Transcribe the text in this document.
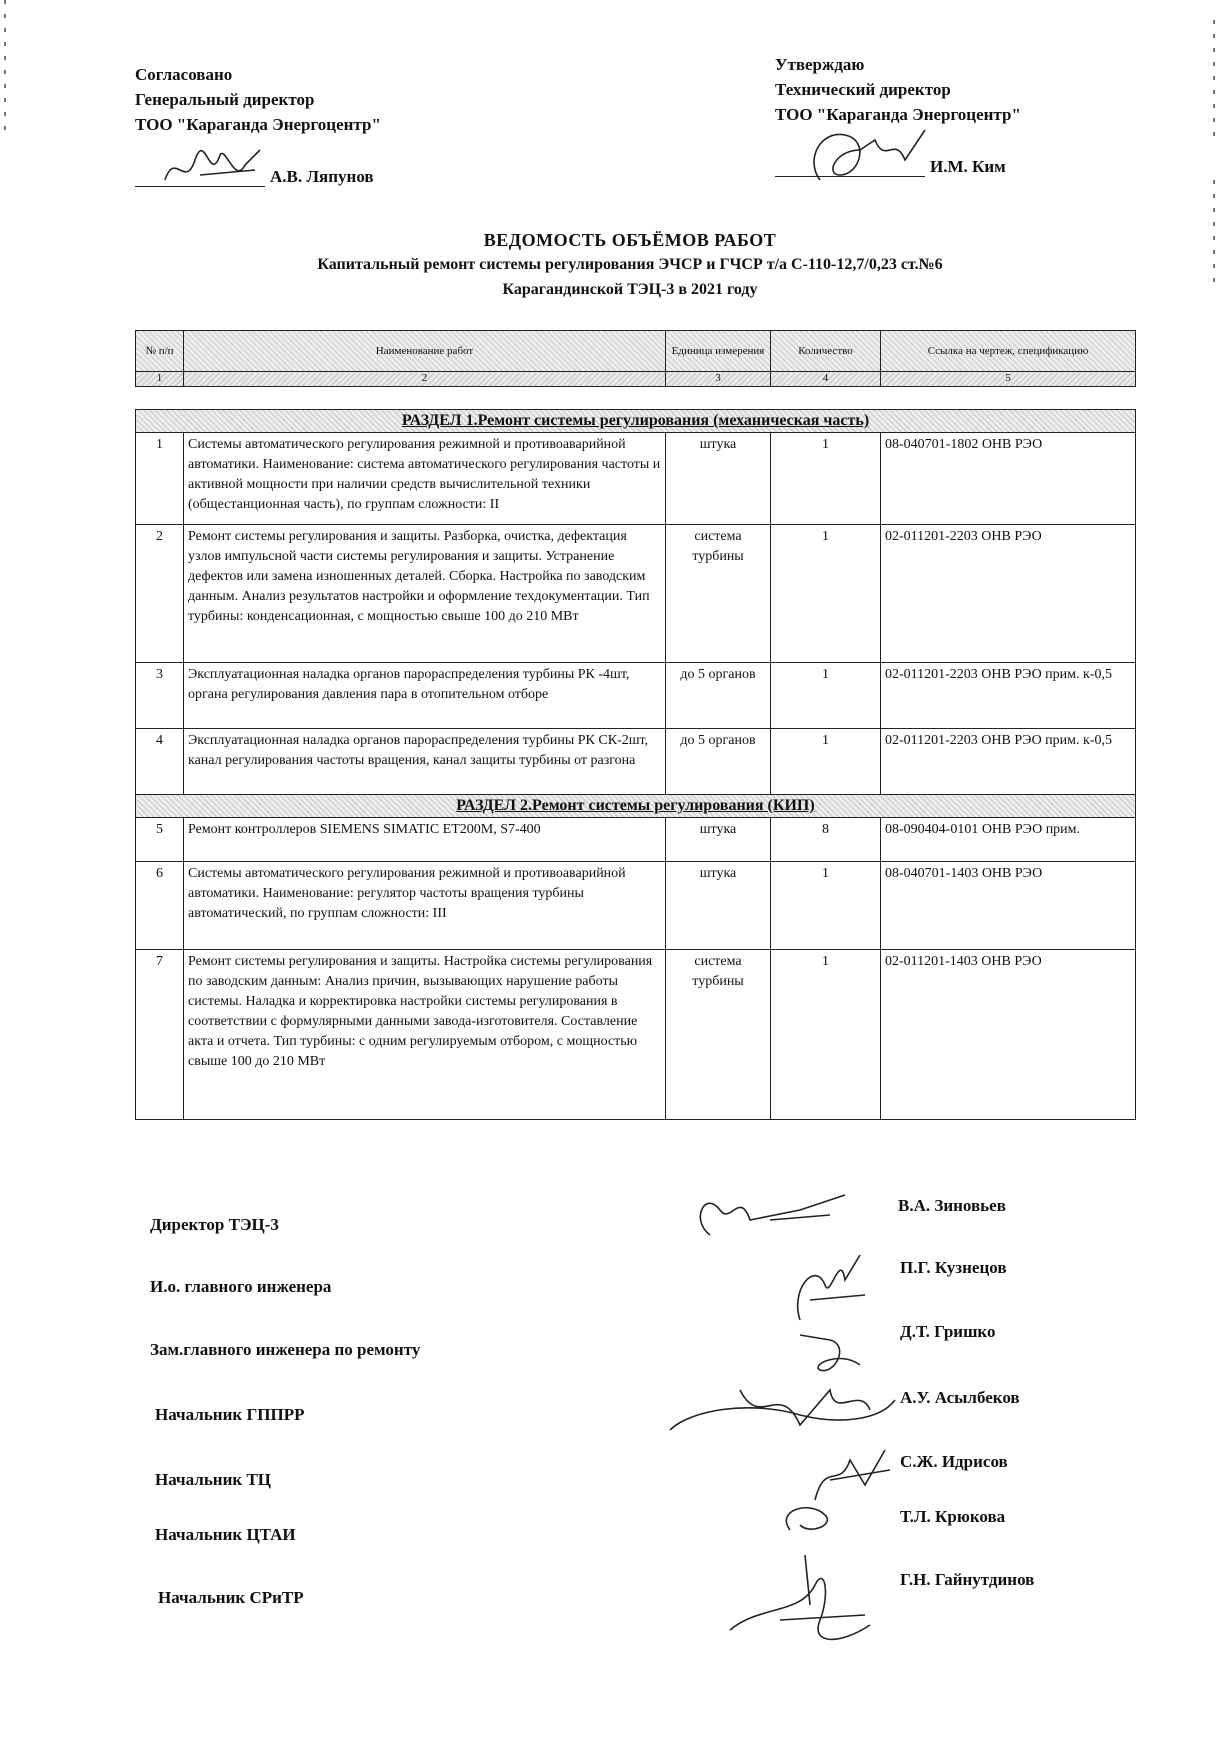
Согласовано
Генеральный директор
ТОО "Караганда Энергоцентр"
А.В. Ляпунов
Утверждаю
Технический директор
ТОО "Караганда Энергоцентр"
И.М. Ким
ВЕДОМОСТЬ ОБЪЁМОВ РАБОТ
Капитальный ремонт системы регулирования ЭЧСР и ГЧСР т/а С-110-12,7/0,23 ст.№6
Карагандинской ТЭЦ-3 в 2021 году
№ п/п	Наименование работ	Единица измерения	Количество	Ссылка на чертеж, спецификацию
1	2	3	4	5

РАЗДЕЛ 1.Ремонт системы регулирования (механическая часть)				
1	Системы автоматического регулирования режимной и противоаварийной автоматики. Наименование: система автоматического регулирования частоты и активной мощности при наличии средств вычислительной техники (общестанционная часть), по группам сложности: II	штука	1	08-040701-1802 ОНВ РЭО
2	Ремонт системы регулирования и защиты. Разборка, очистка, дефектация узлов импульсной части системы регулирования и защиты. Устранение дефектов или замена изношенных деталей. Сборка. Настройка по заводским данным. Анализ результатов настройки и оформление техдокументации. Тип турбины: конденсационная, с мощностью свыше 100 до 210 МВт	система турбины	1	02-011201-2203 ОНВ РЭО
3	Эксплуатационная наладка органов парораспределения турбины РК -4шт, органа регулирования давления пара в отопительном отборе	до 5 органов	1	02-011201-2203 ОНВ РЭО прим. к-0,5
4	Эксплуатационная наладка органов парораспределения турбины РК СК-2шт, канал регулирования частоты вращения, канал защиты турбины от разгона	до 5 органов	1	02-011201-2203 ОНВ РЭО прим. к-0,5
РАЗДЕЛ 2.Ремонт системы регулирования (КИП)				
5	Ремонт контроллеров SIEMENS SIMATIC ET200M, S7-400	штука	8	08-090404-0101 ОНВ РЭО прим.
6	Системы автоматического регулирования режимной и противоаварийной автоматики. Наименование: регулятор частоты вращения турбины автоматический, по группам сложности: III	штука	1	08-040701-1403 ОНВ РЭО
7	Ремонт системы регулирования и защиты. Настройка системы регулирования по заводским данным: Анализ причин, вызывающих нарушение работы системы. Наладка и корректировка настройки системы регулирования в соответствии с формулярными данными завода-изготовителя. Составление акта и отчета. Тип турбины: с одним регулируемым отбором, с мощностью свыше 100 до 210 МВт	система турбины	1	02-011201-1403 ОНВ РЭО
Директор ТЭЦ-3
В.А. Зиновьев
И.о. главного инженера
П.Г. Кузнецов
Зам.главного инженера по ремонту
Д.Т. Гришко
Начальник ГППРР
А.У. Асылбеков
Начальник ТЦ
С.Ж. Идрисов
Начальник ЦТАИ
Т.Л. Крюкова
Начальник СРиТР
Г.Н. Гайнутдинов
